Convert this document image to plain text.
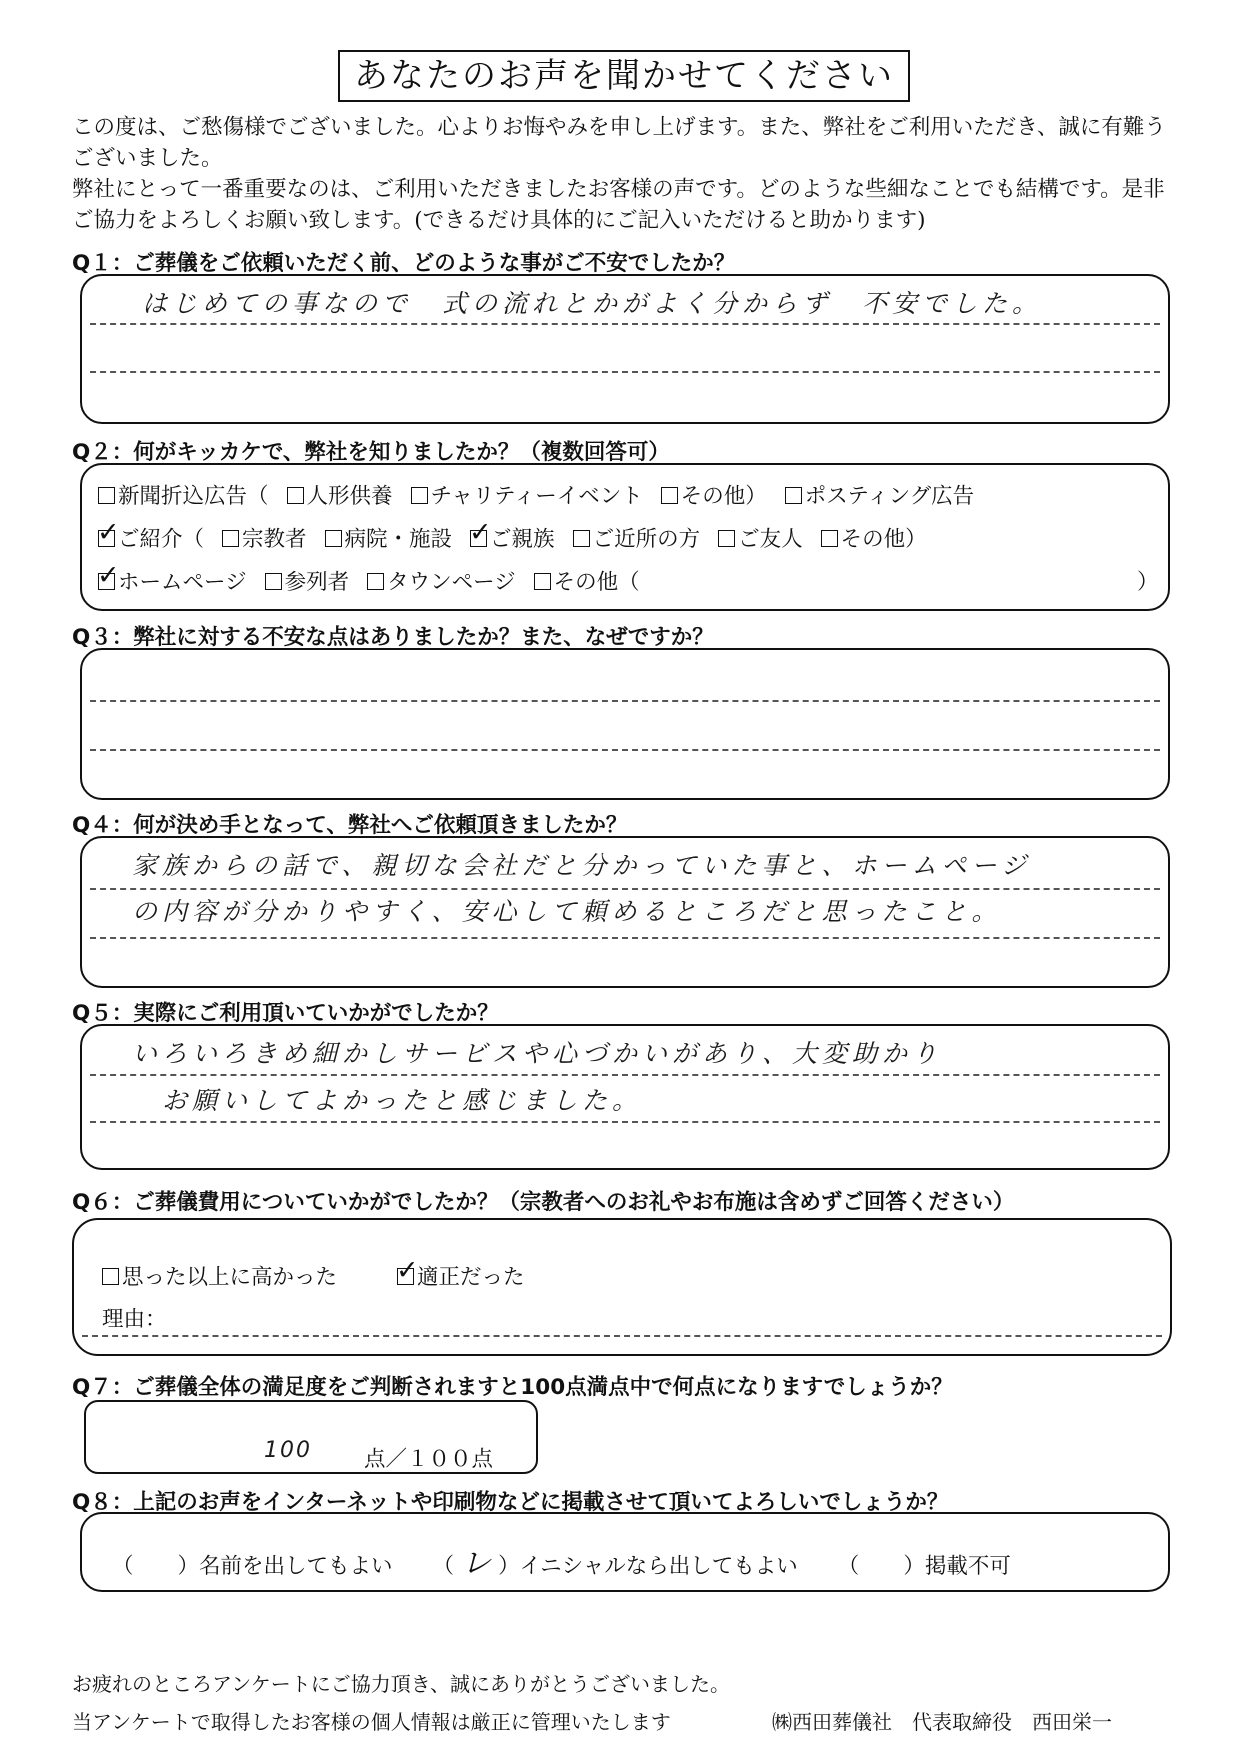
あなたのお声を聞かせてください

この度は、ご愁傷様でございました。心よりお悔やみを申し上げます。また、弊社をご利用いただき、誠に有難うございました。

弊社にとって一番重要なのは、ご利用いただきましたお客様の声です。どのような些細なことでも結構です。是非ご協力をよろしくお願い致します。(できるだけ具体的にご記入いただけると助かります)

Q１：ご葬儀をご依頼いただく前、どのような事がご不安でしたか？
はじめての事なので　式の流れとかがよく分からず　不安でした。
Q２：何がキッカケで、弊社を知りましたか？（複数回答可）
新聞折込広告（ 人形供養 チャリティーイベント その他） ポスティング広告
✓ご紹介（ 宗教者 病院・施設 ✓ ご親族 ご近所の方 ご友人 その他）
✓ホームページ 参列者 タウンページ その他（	）
Q３：弊社に対する不安な点はありましたか？また、なぜですか？
Q４：何が決め手となって、弊社へご依頼頂きましたか？
家族からの話で、親切な会社だと分かっていた事と、ホームページ
の内容が分かりやすく、安心して頼めるところだと思ったこと。
Q５：実際にご利用頂いていかがでしたか？
いろいろきめ細かしサービスや心づかいがあり、大変助かり
お願いしてよかったと感じました。
Q６：ご葬儀費用についていかがでしたか？（宗教者へのお礼やお布施は含めずご回答ください）
思った以上に高かった ✓	適正だった
理由：
Q７：ご葬儀全体の満足度をご判断されますと100点満点中で何点になりますでしょうか？
100 点／１００点
Q８：上記のお声をインターネットや印刷物などに掲載させて頂いてよろしいでしょうか？
（ ）名前を出してもよい （ レ ）イニシャルなら出してもよい （ ）掲載不可
お疲れのところアンケートにご協力頂き、誠にありがとうございました。
当アンケートで取得したお客様の個人情報は厳正に管理いたします	㈱西田葬儀社　代表取締役　西田栄一
